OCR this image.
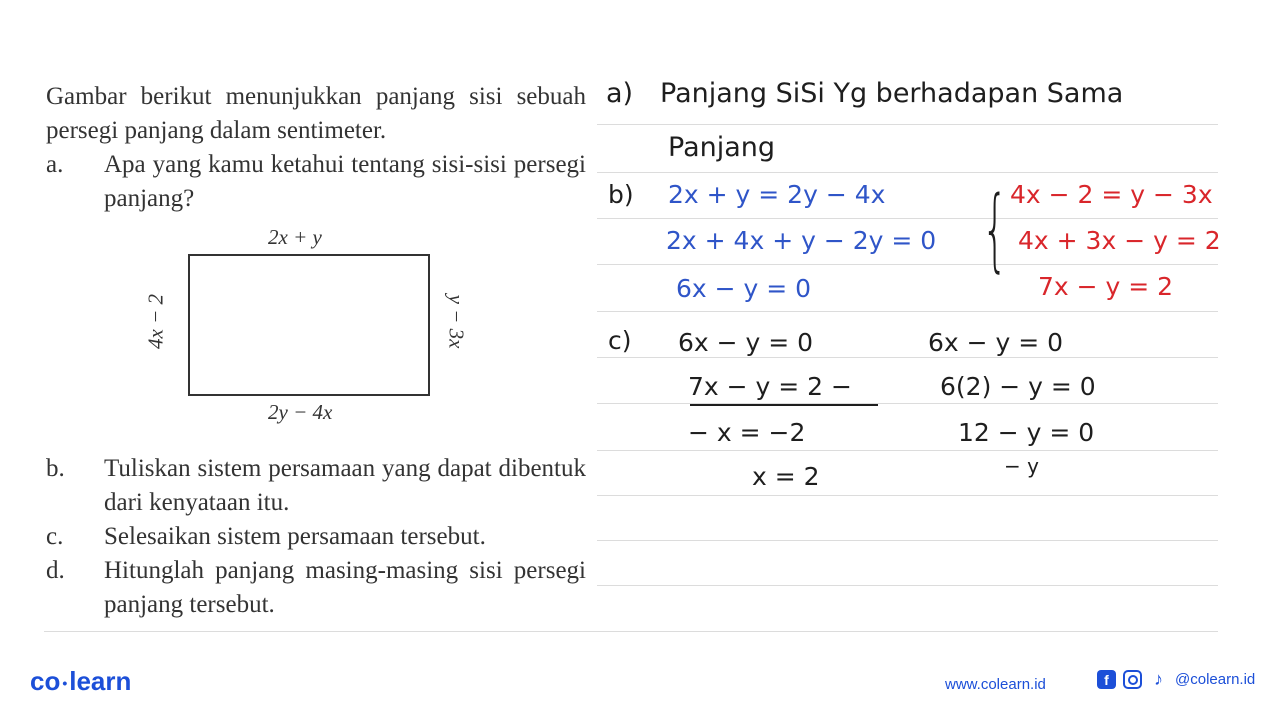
Gambar berikut menunjukkan panjang sisi sebuah persegi panjang dalam sentimeter.
a.	Apa yang kamu ketahui tentang sisi-sisi persegi panjang?
2x + y
2y − 4x
4x − 2	y − 3x
b.	Tuliskan sistem persamaan yang dapat dibentuk dari kenyataan itu.
c.	Selesaikan sistem persamaan tersebut.
d.	Hitunglah panjang masing-masing sisi persegi panjang tersebut.
a) Panjang SiSi Yg berhadapan Sama
Panjang
b) 2x + y = 2y − 4x
2x + 4x + y − 2y = 0
6x − y = 0
{ 4x − 2 = y − 3x
4x + 3x − y = 2
7x − y = 2
c) 6x − y = 0
7x − y = 2 −
− x = −2
x = 2
6x − y = 0
6(2) − y = 0
12 − y = 0
− y
co •learn	www.colearn.id	f	♪ @colearn.id
